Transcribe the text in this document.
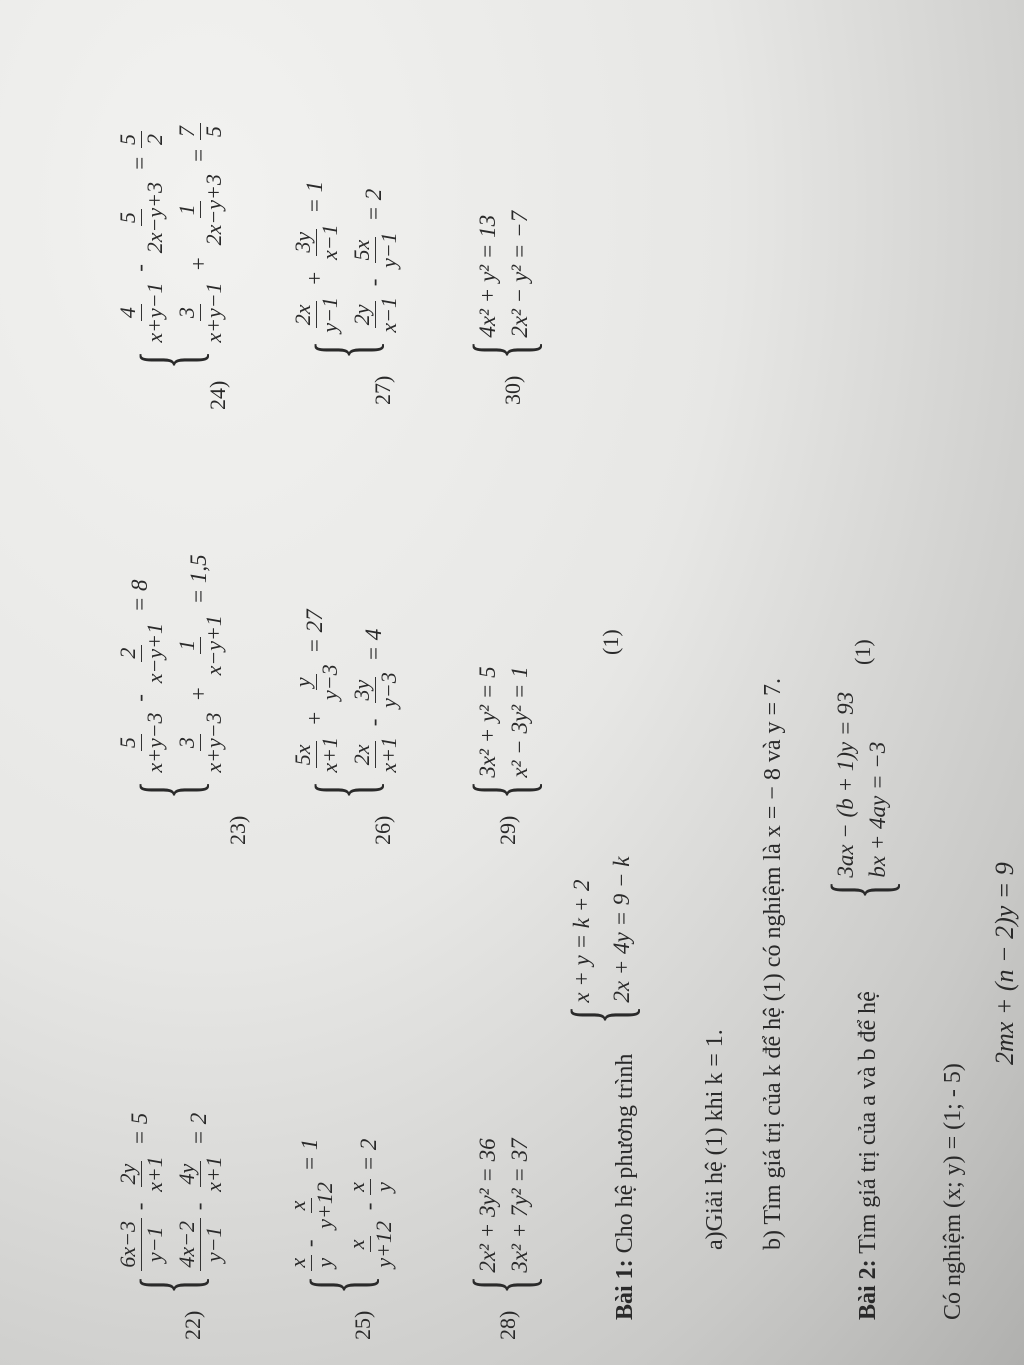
22)
{
6x−3 y−1
-
2y x+1
= 5
4x−2 y−1
-
4y x+1
= 2
23)
{
5 x+y−3
-
2 x−y+1
= 8
3 x+y−3
+
1 x−y+1
= 1,5
24)
{
4 x+y−1
-
5 2x−y+3
=
5 2
3 x+y−1
+
1 2x−y+3
=
7 5
25)
{
x y
-
x y+12
= 1
x y+12
-
x y
= 2
26)
{
5x x+1
+
y y−3
= 27
2x x+1
-
3y y−3
= 4
27)
{
2x y−1
+
3y x−1
= 1
2y x−1
-
5x y−1
= 2
28)
{
2x² + 3y² = 36 3x² + 7y² = 37
29)
{
3x² + y² = 5 x² − 3y² = 1
30)
{
4x² + y² = 13 2x² − y² = −7
Bài 1: Cho hệ phương trình
{
x + y = k + 2 2x + 4y = 9 − k
(1)
a)Giải hệ (1) khi k = 1. b) Tìm giá trị của k để hệ (1) có nghiệm là x = − 8 và y = 7.
Bài 2: Tìm giá trị của a và b để hệ
{
3ax − (b + 1)y = 93 bx + 4ay = −3
(1)
Có nghiệm (x; y) = (1; - 5)
2mx + (n − 2)y = 9
